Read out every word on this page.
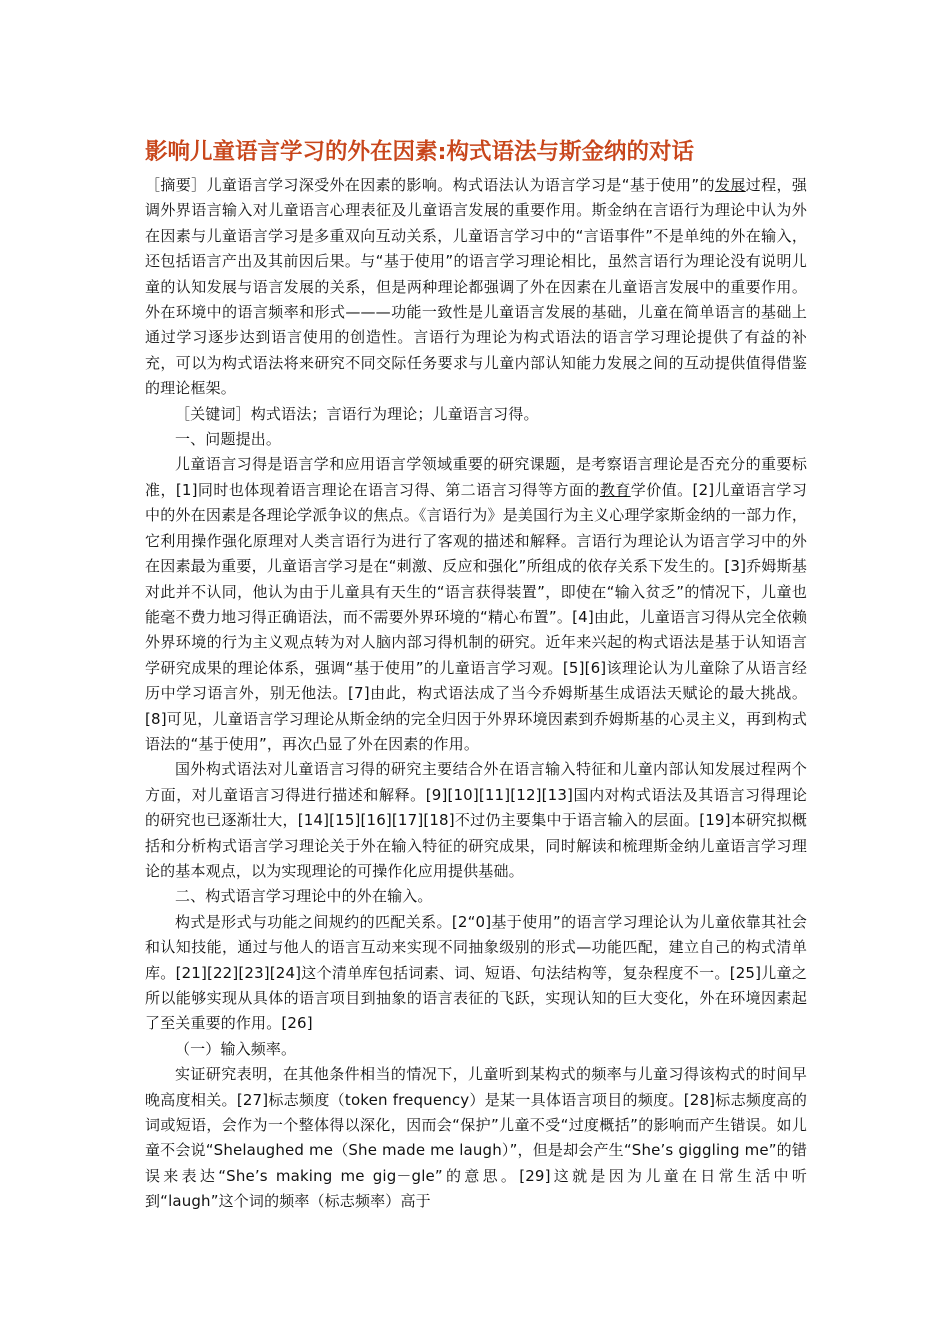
影响儿童语言学习的外在因素:构式语法与斯金纳的对话

［摘要］儿童语言学习深受外在因素的影响。构式语法认为语言学习是“基于使用”的发展过程，强调外界语言输入对儿童语言心理表征及儿童语言发展的重要作用。斯金纳在言语行为理论中认为外在因素与儿童语言学习是多重双向互动关系，儿童语言学习中的“言语事件”不是单纯的外在输入，还包括语言产出及其前因后果。与“基于使用”的语言学习理论相比，虽然言语行为理论没有说明儿童的认知发展与语言发展的关系，但是两种理论都强调了外在因素在儿童语言发展中的重要作用。外在环境中的语言频率和形式———功能一致性是儿童语言发展的基础，儿童在简单语言的基础上通过学习逐步达到语言使用的创造性。言语行为理论为构式语法的语言学习理论提供了有益的补充，可以为构式语法将来研究不同交际任务要求与儿童内部认知能力发展之间的互动提供值得借鉴的理论框架。

［关键词］构式语法；言语行为理论；儿童语言习得。

一、问题提出。

儿童语言习得是语言学和应用语言学领域重要的研究课题，是考察语言理论是否充分的重要标准，[1]同时也体现着语言理论在语言习得、第二语言习得等方面的教育学价值。[2]儿童语言学习中的外在因素是各理论学派争议的焦点。《言语行为》是美国行为主义心理学家斯金纳的一部力作，它利用操作强化原理对人类言语行为进行了客观的描述和解释。言语行为理论认为语言学习中的外在因素最为重要，儿童语言学习是在“刺激、反应和强化”所组成的依存关系下发生的。[3]乔姆斯基对此并不认同，他认为由于儿童具有天生的“语言获得装置”，即使在“输入贫乏”的情况下，儿童也能毫不费力地习得正确语法，而不需要外界环境的“精心布置”。[4]由此，儿童语言习得从完全依赖外界环境的行为主义观点转为对人脑内部习得机制的研究。近年来兴起的构式语法是基于认知语言学研究成果的理论体系，强调“基于使用”的儿童语言学习观。[5][6]该理论认为儿童除了从语言经历中学习语言外，别无他法。[7]由此，构式语法成了当今乔姆斯基生成语法天赋论的最大挑战。[8]可见，儿童语言学习理论从斯金纳的完全归因于外界环境因素到乔姆斯基的心灵主义，再到构式语法的“基于使用”，再次凸显了外在因素的作用。

国外构式语法对儿童语言习得的研究主要结合外在语言输入特征和儿童内部认知发展过程两个方面，对儿童语言习得进行描述和解释。[9][10][11][12][13]国内对构式语法及其语言习得理论的研究也已逐渐壮大，[14][15][16][17][18]不过仍主要集中于语言输入的层面。[19]本研究拟概括和分析构式语言学习理论关于外在输入特征的研究成果，同时解读和梳理斯金纳儿童语言学习理论的基本观点，以为实现理论的可操作化应用提供基础。

二、构式语言学习理论中的外在输入。

构式是形式与功能之间规约的匹配关系。[2“0]基于使用”的语言学习理论认为儿童依靠其社会和认知技能，通过与他人的语言互动来实现不同抽象级别的形式—功能匹配，建立自己的构式清单库。[21][22][23][24]这个清单库包括词素、词、短语、句法结构等，复杂程度不一。[25]儿童之所以能够实现从具体的语言项目到抽象的语言表征的飞跃，实现认知的巨大变化，外在环境因素起了至关重要的作用。[26]

（一）输入频率。

实证研究表明，在其他条件相当的情况下，儿童听到某构式的频率与儿童习得该构式的时间早晚高度相关。[27]标志频度（token frequency）是某一具体语言项目的频度。[28]标志频度高的词或短语，会作为一个整体得以深化，因而会“保护”儿童不受“过度概括”的影响而产生错误。如儿童不会说“Shelaughed me（She made me laugh）”，但是却会产生“She’s giggling me”的错误来表达“She’s making me gig－gle”的意思。[29]这就是因为儿童在日常生活中听到“laugh”这个词的频率（标志频率）高于
